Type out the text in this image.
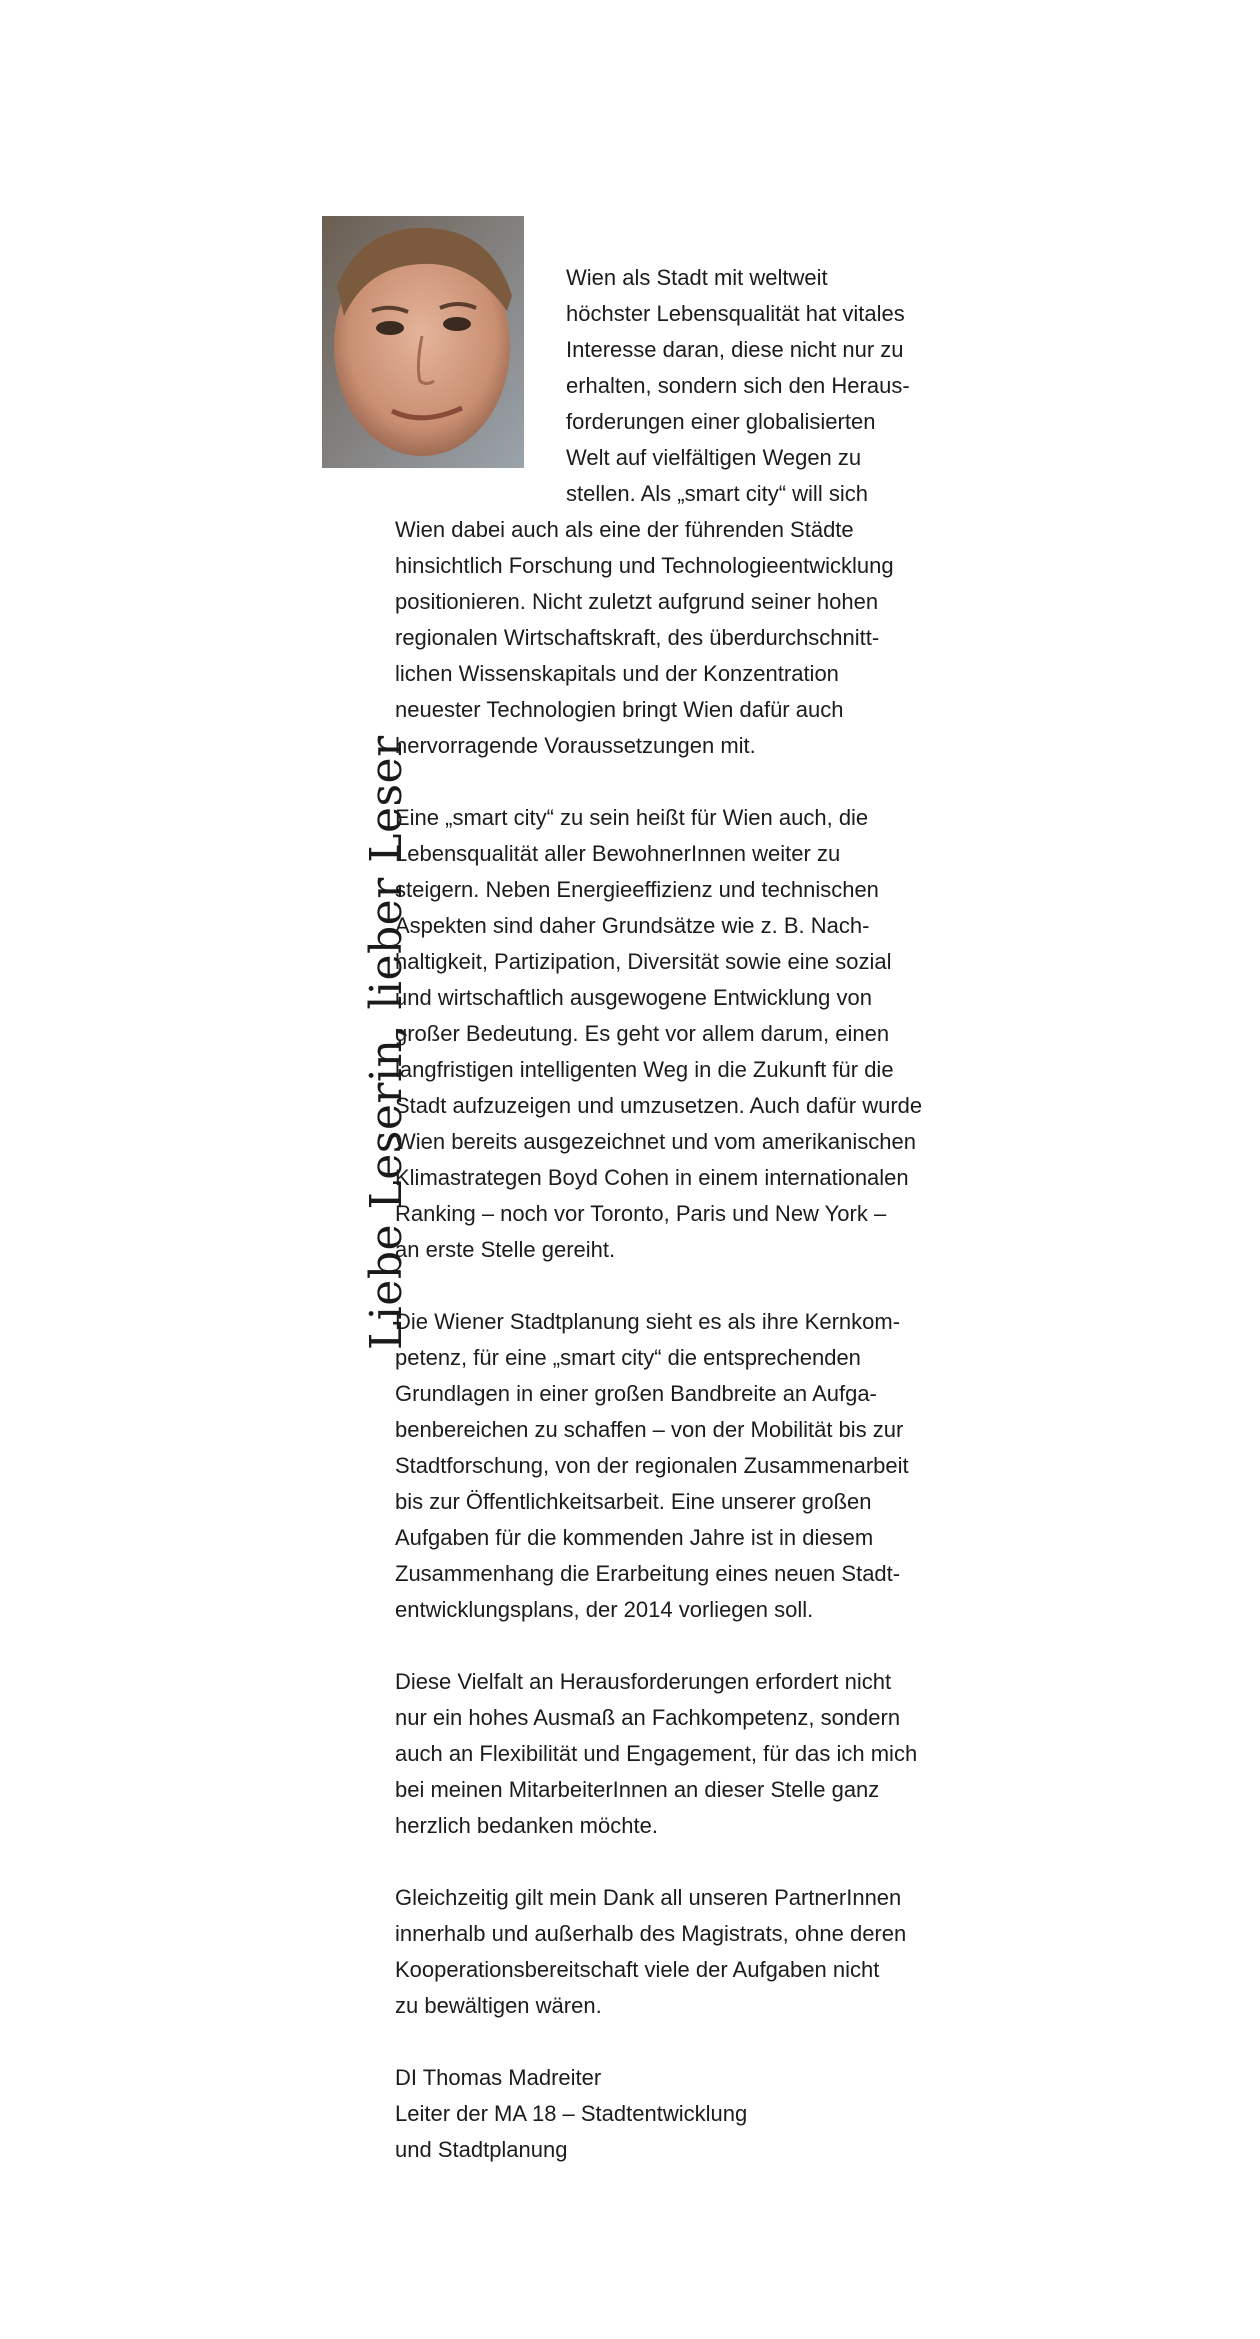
Liebe Leserin, lieber Leser
Wien als Stadt mit weltweit
höchster Lebensqualität hat vitales
Interesse daran, diese nicht nur zu
erhalten, sondern sich den Heraus-
forderungen einer globalisierten
Welt auf vielfältigen Wegen zu
stellen. Als „smart city“ will sich
Wien dabei auch als eine der führenden Städte
hinsichtlich Forschung und Technologieentwicklung
positionieren. Nicht zuletzt aufgrund seiner hohen
regionalen Wirtschaftskraft, des überdurchschnitt-
lichen Wissenskapitals und der Konzentration
neuester Technologien bringt Wien dafür auch
hervorragende Voraussetzungen mit.
Eine „smart city“ zu sein heißt für Wien auch, die
Lebensqualität aller BewohnerInnen weiter zu
steigern. Neben Energieeffizienz und technischen
Aspekten sind daher Grundsätze wie z. B. Nach-
haltigkeit, Partizipation, Diversität sowie eine sozial
und wirtschaftlich ausgewogene Entwicklung von
großer Bedeutung. Es geht vor allem darum, einen
langfristigen intelligenten Weg in die Zukunft für die
Stadt aufzuzeigen und umzusetzen. Auch dafür wurde
Wien bereits ausgezeichnet und vom amerikanischen
Klimastrategen Boyd Cohen in einem internationalen
Ranking – noch vor Toronto, Paris und New York –
an erste Stelle gereiht.
Die Wiener Stadtplanung sieht es als ihre Kernkom-
petenz, für eine „smart city“ die entsprechenden
Grundlagen in einer großen Bandbreite an Aufga-
benbereichen zu schaffen – von der Mobilität bis zur
Stadtforschung, von der regionalen Zusammenarbeit
bis zur Öffentlichkeitsarbeit. Eine unserer großen
Aufgaben für die kommenden Jahre ist in diesem
Zusammenhang die Erarbeitung eines neuen Stadt-
entwicklungsplans, der 2014 vorliegen soll.
Diese Vielfalt an Herausforderungen erfordert nicht
nur ein hohes Ausmaß an Fachkompetenz, sondern
auch an Flexibilität und Engagement, für das ich mich
bei meinen MitarbeiterInnen an dieser Stelle ganz
herzlich bedanken möchte.
Gleichzeitig gilt mein Dank all unseren PartnerInnen
innerhalb und außerhalb des Magistrats, ohne deren
Kooperationsbereitschaft viele der Aufgaben nicht
zu bewältigen wären.
DI Thomas Madreiter
Leiter der MA 18 – Stadtentwicklung
und Stadtplanung
